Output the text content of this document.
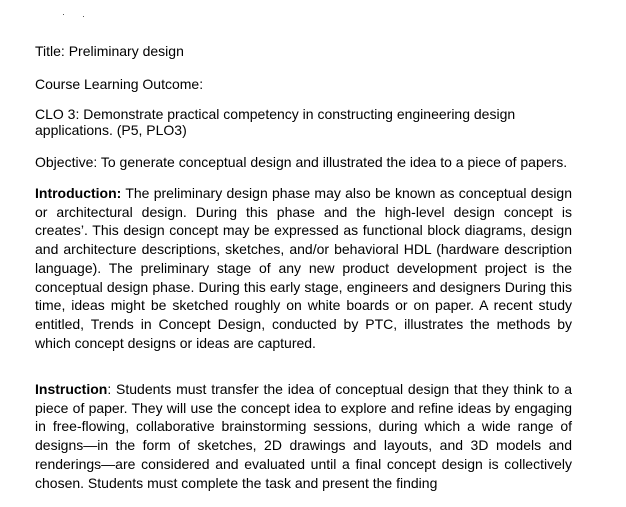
Title: Preliminary design
Course Learning Outcome:
CLO 3: Demonstrate practical competency in constructing engineering design applications. (P5, PLO3)
Objective: To generate conceptual design and illustrated the idea to a piece of papers.
Introduction: The preliminary design phase may also be known as conceptual design or architectural design. During this phase and the high-level design concept is creates’. This design concept may be expressed as functional block diagrams, design and architecture descriptions, sketches, and/or behavioral HDL (hardware description language). The preliminary stage of any new product development project is the conceptual design phase. During this early stage, engineers and designers During this time, ideas might be sketched roughly on white boards or on paper. A recent study entitled, Trends in Concept Design, conducted by PTC, illustrates the methods by which concept designs or ideas are captured.
Instruction: Students must transfer the idea of conceptual design that they think to a piece of paper. They will use the concept idea to explore and refine ideas by engaging in free-flowing, collaborative brainstorming sessions, during which a wide range of designs—in the form of sketches, 2D drawings and layouts, and 3D models and renderings—are considered and evaluated until a final concept design is collectively chosen. Students must complete the task and present the finding
